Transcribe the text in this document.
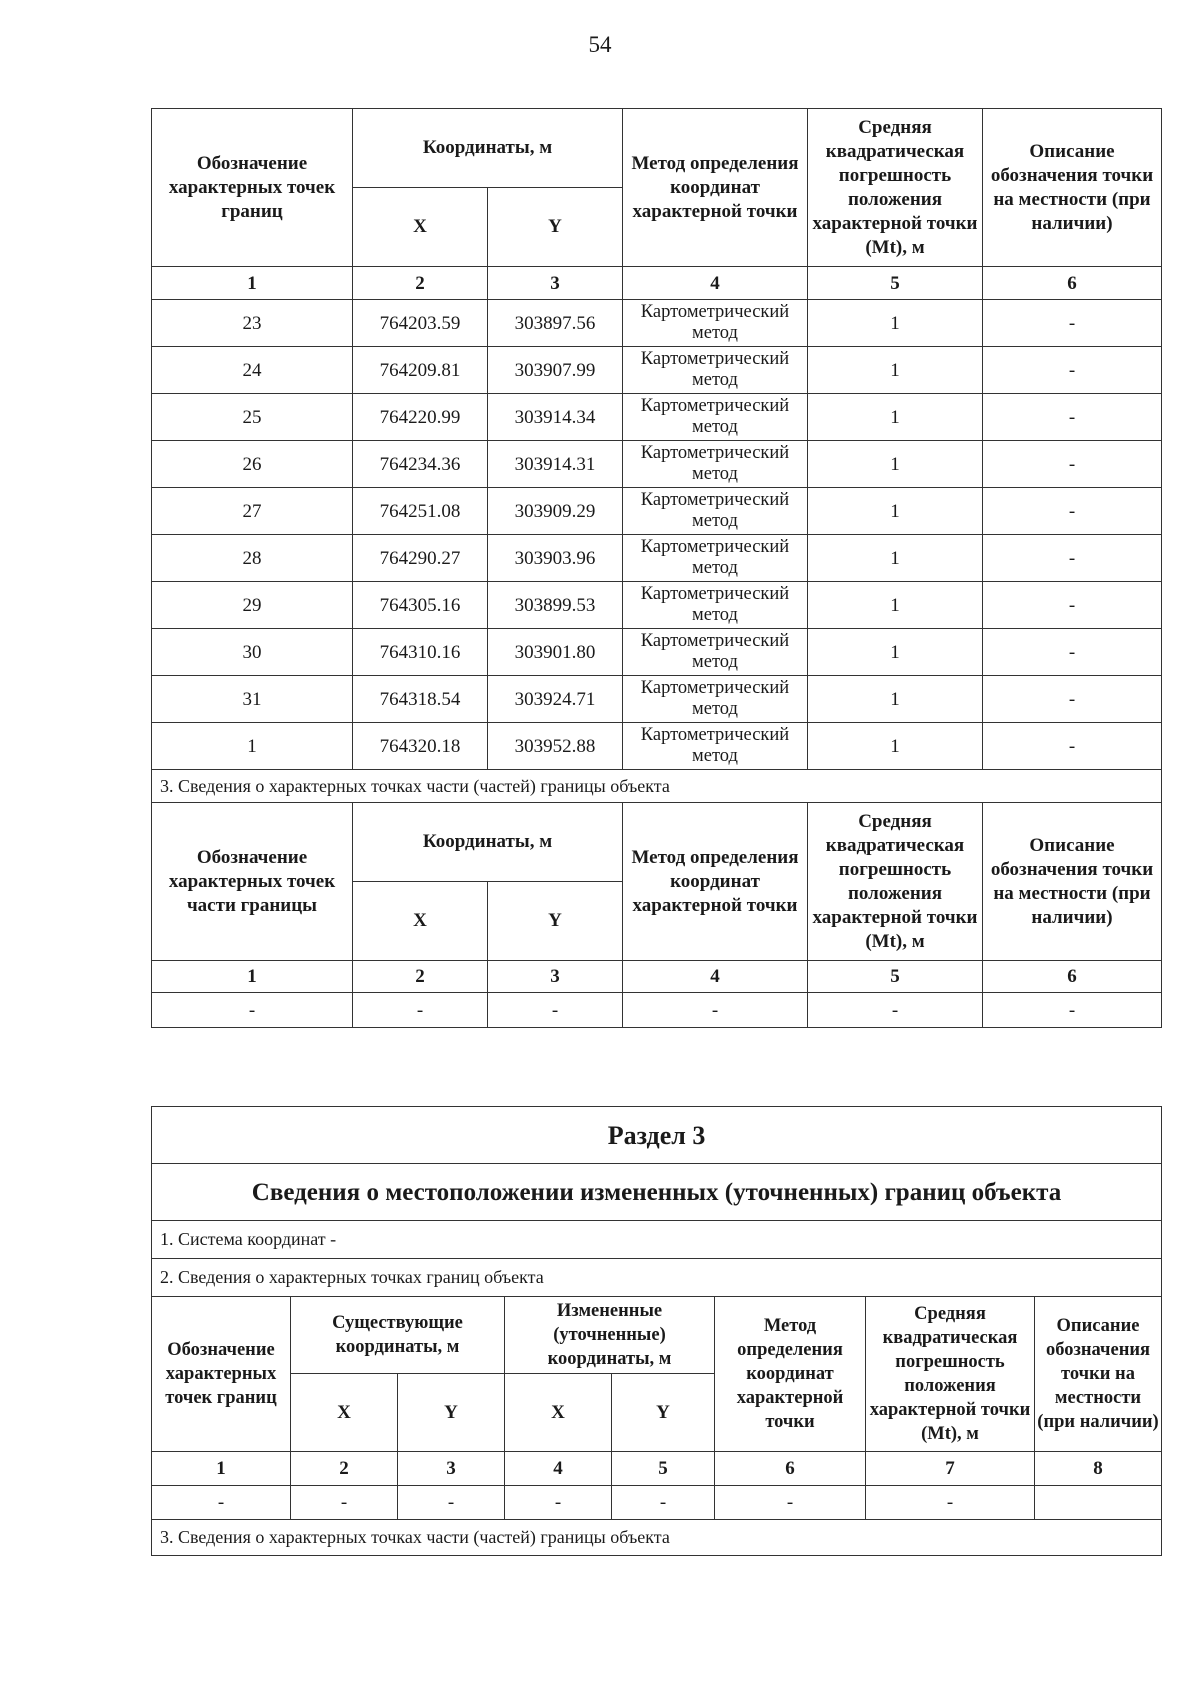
54
Обозначение характерных точек границ	Координаты, м		Метод определения координат характерной точки	Средняя квадратическая погрешность положения характерной точки (Mt), м	Описание обозначения точки на местности (при наличии)
	X	Y			
1	2	3	4	5	6
23	764203.59	303897.56	Картометрический метод	1	-
24	764209.81	303907.99	Картометрический метод	1	-
25	764220.99	303914.34	Картометрический метод	1	-
26	764234.36	303914.31	Картометрический метод	1	-
27	764251.08	303909.29	Картометрический метод	1	-
28	764290.27	303903.96	Картометрический метод	1	-
29	764305.16	303899.53	Картометрический метод	1	-
30	764310.16	303901.80	Картометрический метод	1	-
31	764318.54	303924.71	Картометрический метод	1	-
1	764320.18	303952.88	Картометрический метод	1	-
3. Сведения о характерных точках части (частей) границы объекта					
Обозначение характерных точек части границы	Координаты, м		Метод определения координат характерной точки	Средняя квадратическая погрешность положения характерной точки (Mt), м	Описание обозначения точки на местности (при наличии)
	X	Y			
1	2	3	4	5	6
-	-	-	-	-	-
Раздел 3							
Сведения о местоположении измененных (уточненных) границ объекта							
1. Система координат -							
2. Сведения о характерных точках границ объекта							
Обозначение характерных точек границ	Существующие координаты, м		Измененные (уточненные) координаты, м		Метод определения координат характерной точки	Средняя квадратическая погрешность положения характерной точки (Mt), м	Описание обозначения точки на местности (при наличии)
	X	Y	X	Y			
1	2	3	4	5	6	7	8
-	-	-	-	-	-	-	
3. Сведения о характерных точках части (частей) границы объекта							
